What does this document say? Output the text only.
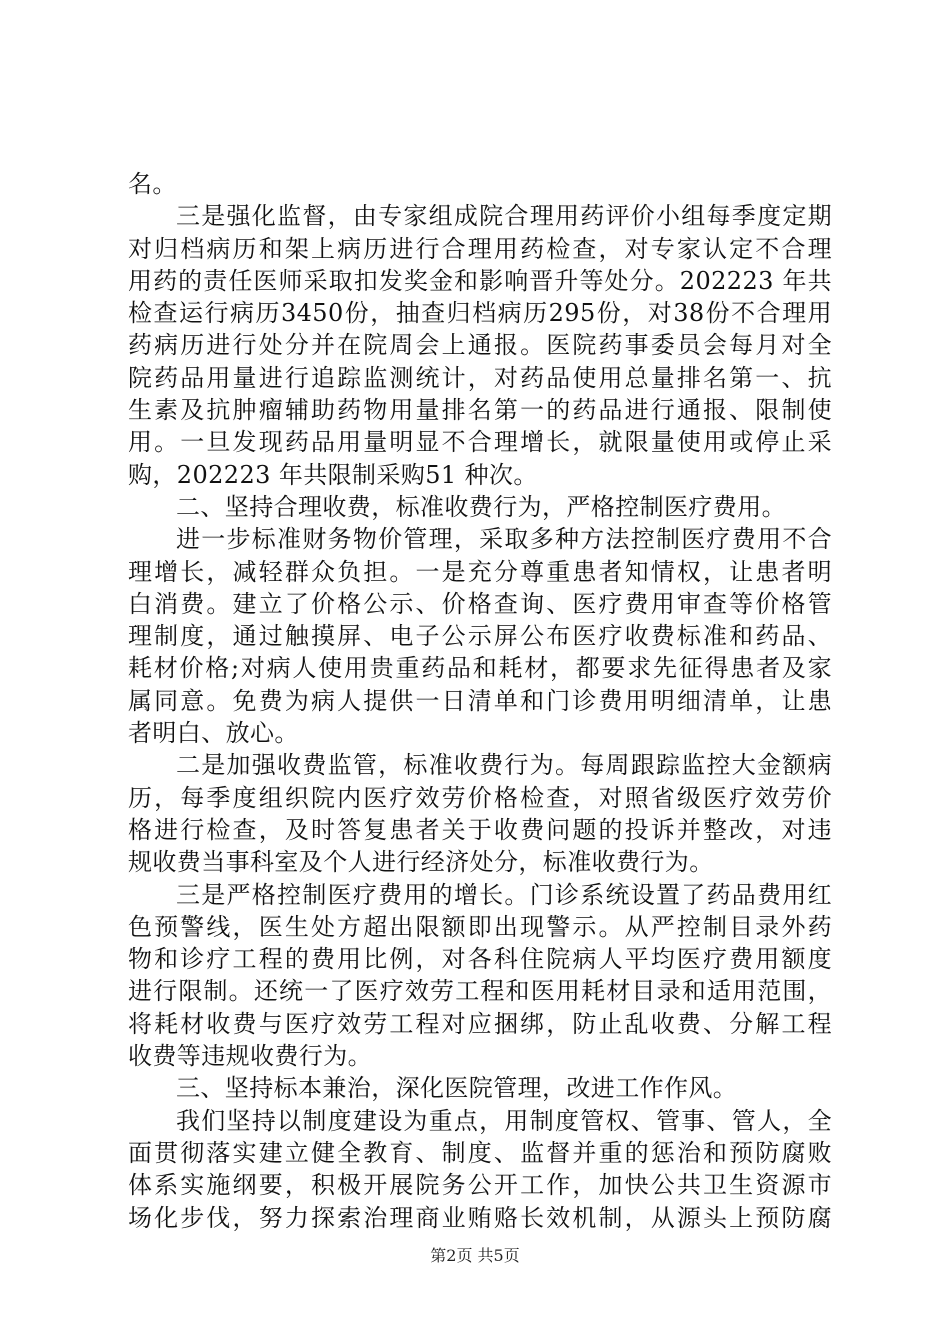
名。
三是强化监督，由专家组成院合理用药评价小组每季度定期
对归档病历和架上病历进行合理用药检查，对专家认定不合理
用药的责任医师采取扣发奖金和影响晋升等处分。202223 年共
检查运行病历3450份，抽查归档病历295份，对38份不合理用
药病历进行处分并在院周会上通报。医院药事委员会每月对全
院药品用量进行追踪监测统计，对药品使用总量排名第一、抗
生素及抗肿瘤辅助药物用量排名第一的药品进行通报、限制使
用。一旦发现药品用量明显不合理增长，就限量使用或停止采
购，202223 年共限制采购51 种次。
二、坚持合理收费，标准收费行为，严格控制医疗费用。
进一步标准财务物价管理，采取多种方法控制医疗费用不合
理增长，减轻群众负担。一是充分尊重患者知情权，让患者明
白消费。建立了价格公示、价格查询、医疗费用审查等价格管
理制度，通过触摸屏、电子公示屏公布医疗收费标准和药品、
耗材价格;对病人使用贵重药品和耗材，都要求先征得患者及家
属同意。免费为病人提供一日清单和门诊费用明细清单，让患
者明白、放心。
二是加强收费监管，标准收费行为。每周跟踪监控大金额病
历，每季度组织院内医疗效劳价格检查，对照省级医疗效劳价
格进行检查，及时答复患者关于收费问题的投诉并整改，对违
规收费当事科室及个人进行经济处分，标准收费行为。
三是严格控制医疗费用的增长。门诊系统设置了药品费用红
色预警线，医生处方超出限额即出现警示。从严控制目录外药
物和诊疗工程的费用比例，对各科住院病人平均医疗费用额度
进行限制。还统一了医疗效劳工程和医用耗材目录和适用范围，
将耗材收费与医疗效劳工程对应捆绑，防止乱收费、分解工程
收费等违规收费行为。
三、坚持标本兼治，深化医院管理，改进工作作风。
我们坚持以制度建设为重点，用制度管权、管事、管人，全
面贯彻落实建立健全教育、制度、监督并重的惩治和预防腐败
体系实施纲要，积极开展院务公开工作，加快公共卫生资源市
场化步伐，努力探索治理商业贿赂长效机制，从源头上预防腐
第2页 共5页
